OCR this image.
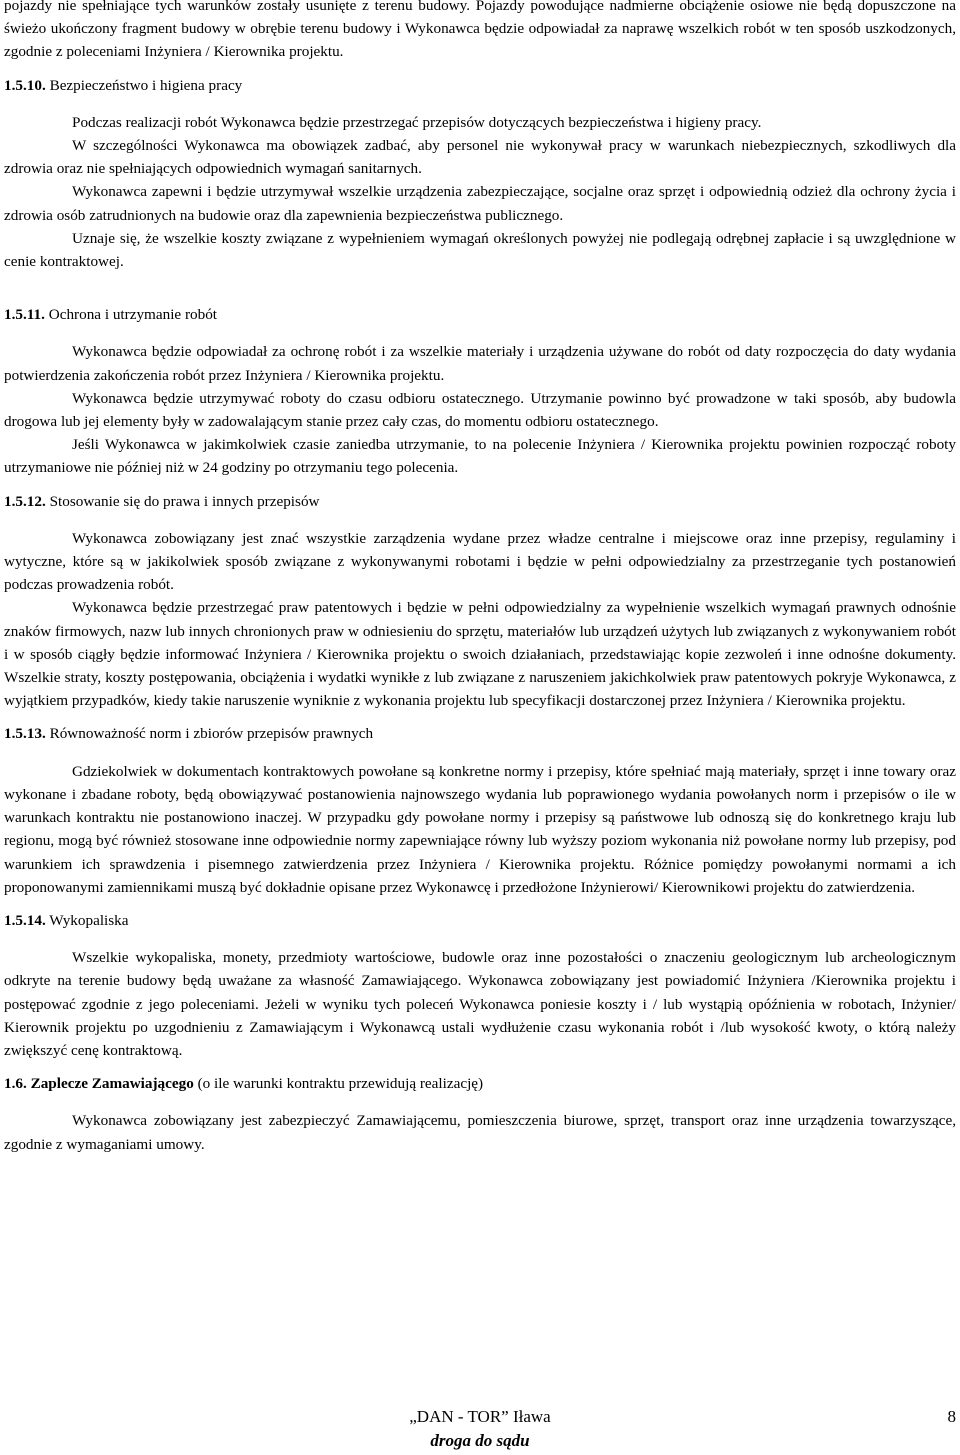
pojazdy nie spełniające tych warunków zostały usunięte z terenu budowy. Pojazdy powodujące nadmierne obciążenie osiowe nie będą dopuszczone na świeżo ukończony fragment budowy w obrębie terenu budowy i Wykonawca będzie odpowiadał za naprawę wszelkich robót w ten sposób uszkodzonych, zgodnie z poleceniami Inżyniera / Kierownika projektu.

1.5.10. Bezpieczeństwo i higiena pracy

Podczas realizacji robót Wykonawca będzie przestrzegać przepisów dotyczących bezpieczeństwa i higieny pracy.

W szczególności Wykonawca ma obowiązek zadbać, aby personel nie wykonywał pracy w warunkach niebezpiecznych, szkodliwych dla zdrowia oraz nie spełniających odpowiednich wymagań sanitarnych.

Wykonawca zapewni i będzie utrzymywał wszelkie urządzenia zabezpieczające, socjalne oraz sprzęt i odpowiednią odzież dla ochrony życia i zdrowia osób zatrudnionych na budowie oraz dla zapewnienia bezpieczeństwa publicznego.

Uznaje się, że wszelkie koszty związane z wypełnieniem wymagań określonych powyżej nie podlegają odrębnej zapłacie i są uwzględnione w cenie kontraktowej.

1.5.11. Ochrona i utrzymanie robót

Wykonawca będzie odpowiadał za ochronę robót i za wszelkie materiały i urządzenia używane do robót od daty rozpoczęcia do daty wydania potwierdzenia zakończenia robót przez Inżyniera / Kierownika projektu.

Wykonawca będzie utrzymywać roboty do czasu odbioru ostatecznego. Utrzymanie powinno być prowadzone w taki sposób, aby budowla drogowa lub jej elementy były w zadowalającym stanie przez cały czas, do momentu odbioru ostatecznego.

Jeśli Wykonawca w jakimkolwiek czasie zaniedba utrzymanie, to na polecenie Inżyniera / Kierownika projektu powinien rozpocząć roboty utrzymaniowe nie później niż w 24 godziny po otrzymaniu tego polecenia.

1.5.12. Stosowanie się do prawa i innych przepisów

Wykonawca zobowiązany jest znać wszystkie zarządzenia wydane przez władze centralne i miejscowe oraz inne przepisy, regulaminy i wytyczne, które są w jakikolwiek sposób związane z wykonywanymi robotami i będzie w pełni odpowiedzialny za przestrzeganie tych postanowień podczas prowadzenia robót.

Wykonawca będzie przestrzegać praw patentowych i będzie w pełni odpowiedzialny za wypełnienie wszelkich wymagań prawnych odnośnie znaków firmowych, nazw lub innych chronionych praw w odniesieniu do sprzętu, materiałów lub urządzeń użytych lub związanych z wykonywaniem robót i w sposób ciągły będzie informować Inżyniera / Kierownika projektu o swoich działaniach, przedstawiając kopie zezwoleń i inne odnośne dokumenty. Wszelkie straty, koszty postępowania, obciążenia i wydatki wynikłe z lub związane z naruszeniem jakichkolwiek praw patentowych pokryje Wykonawca, z wyjątkiem przypadków, kiedy takie naruszenie wyniknie z wykonania projektu lub specyfikacji dostarczonej przez Inżyniera / Kierownika projektu.

1.5.13. Równoważność norm i zbiorów przepisów prawnych

Gdziekolwiek w dokumentach kontraktowych powołane są konkretne normy i przepisy, które spełniać mają materiały, sprzęt i inne towary oraz wykonane i zbadane roboty, będą obowiązywać postanowienia najnowszego wydania lub poprawionego wydania powołanych norm i przepisów o ile w warunkach kontraktu nie postanowiono inaczej. W przypadku gdy powołane normy i przepisy są państwowe lub odnoszą się do konkretnego kraju lub regionu, mogą być również stosowane inne odpowiednie normy zapewniające równy lub wyższy poziom wykonania niż powołane normy lub przepisy, pod warunkiem ich sprawdzenia i pisemnego zatwierdzenia przez Inżyniera / Kierownika projektu. Różnice pomiędzy powołanymi normami a ich proponowanymi zamiennikami muszą być dokładnie opisane przez Wykonawcę i przedłożone Inżynierowi/ Kierownikowi projektu do zatwierdzenia.

1.5.14. Wykopaliska

Wszelkie wykopaliska, monety, przedmioty wartościowe, budowle oraz inne pozostałości o znaczeniu geologicznym lub archeologicznym odkryte na terenie budowy będą uważane za własność Zamawiającego. Wykonawca zobowiązany jest powiadomić Inżyniera /Kierownika projektu i postępować zgodnie z jego poleceniami. Jeżeli w wyniku tych poleceń Wykonawca poniesie koszty i / lub wystąpią opóźnienia w robotach, Inżynier/ Kierownik projektu po uzgodnieniu z Zamawiającym i Wykonawcą ustali wydłużenie czasu wykonania robót i /lub wysokość kwoty, o którą należy zwiększyć cenę kontraktową.

1.6. Zaplecze Zamawiającego (o ile warunki kontraktu przewidują realizację)

Wykonawca zobowiązany jest zabezpieczyć Zamawiającemu, pomieszczenia biurowe, sprzęt, transport oraz inne urządzenia towarzyszące, zgodnie z wymaganiami umowy.

„DAN - TOR” Iława
droga do sądu
8
